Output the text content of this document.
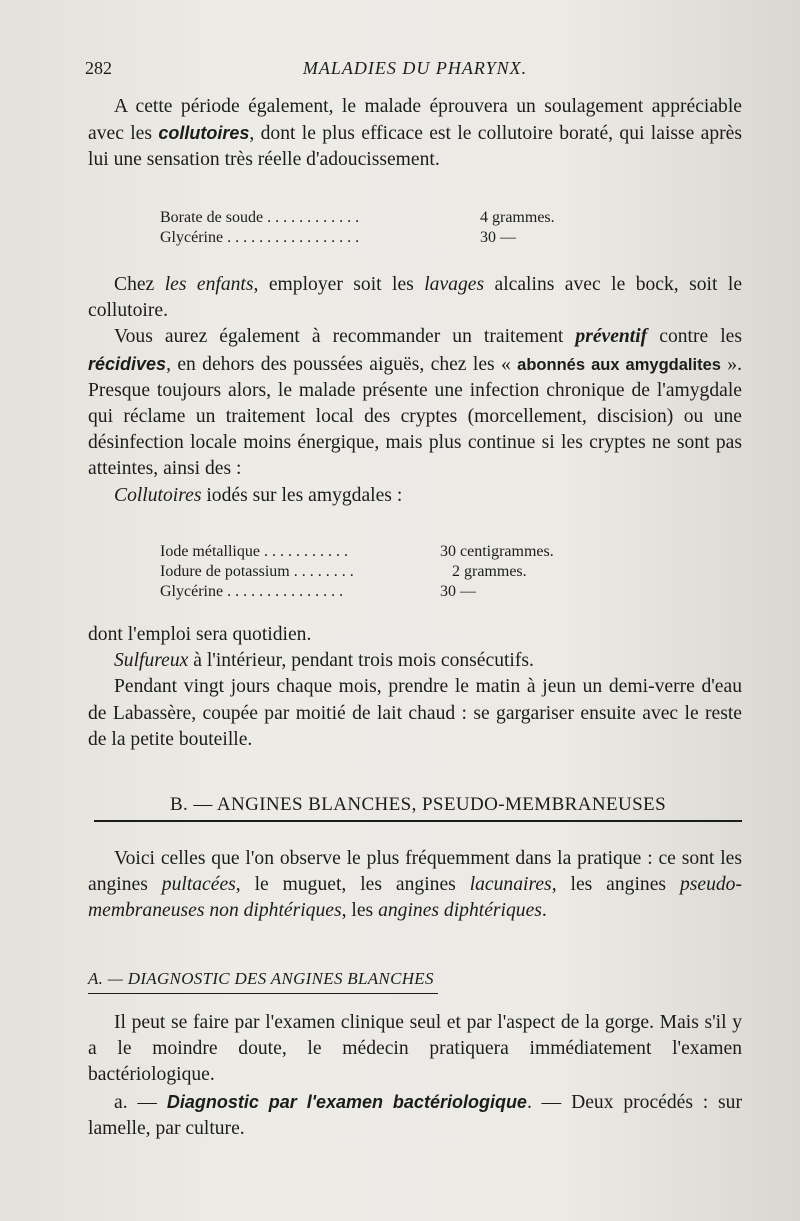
282	MALADIES DU PHARYNX.

A cette période également, le malade éprouvera un soulagement appréciable avec les collutoires, dont le plus efficace est le collutoire boraté, qui laisse après lui une sensation très réelle d'adoucissement.

Borate de soude . . . . . . . . . . . .	4 grammes.
Glycérine . . . . . . . . . . . . . . . . .	30 —

Chez les enfants, employer soit les lavages alcalins avec le bock, soit le collutoire.

Vous aurez également à recommander un traitement préventif contre les récidives, en dehors des poussées aiguës, chez les « abonnés aux amygdalites ». Presque toujours alors, le malade présente une infection chronique de l'amygdale qui réclame un traitement local des cryptes (morcellement, discision) ou une désinfection locale moins énergique, mais plus continue si les cryptes ne sont pas atteintes, ainsi des :

Collutoires iodés sur les amygdales :

Iode métallique . . . . . . . . . . .	30 centigrammes.
Iodure de potassium . . . . . . . .	2 grammes.
Glycérine . . . . . . . . . . . . . . .	30 —

dont l'emploi sera quotidien.

Sulfureux à l'intérieur, pendant trois mois consécutifs.

Pendant vingt jours chaque mois, prendre le matin à jeun un demi-verre d'eau de Labassère, coupée par moitié de lait chaud : se gargariser ensuite avec le reste de la petite bouteille.

B. — ANGINES BLANCHES, PSEUDO-MEMBRANEUSES

Voici celles que l'on observe le plus fréquemment dans la pratique : ce sont les angines pultacées, le muguet, les angines lacunaires, les angines pseudo-membraneuses non diphtériques, les angines diphtériques.

A. — DIAGNOSTIC DES ANGINES BLANCHES

Il peut se faire par l'examen clinique seul et par l'aspect de la gorge. Mais s'il y a le moindre doute, le médecin pratiquera immédiatement l'examen bactériologique.

a. — Diagnostic par l'examen bactériologique. — Deux procédés : sur lamelle, par culture.
